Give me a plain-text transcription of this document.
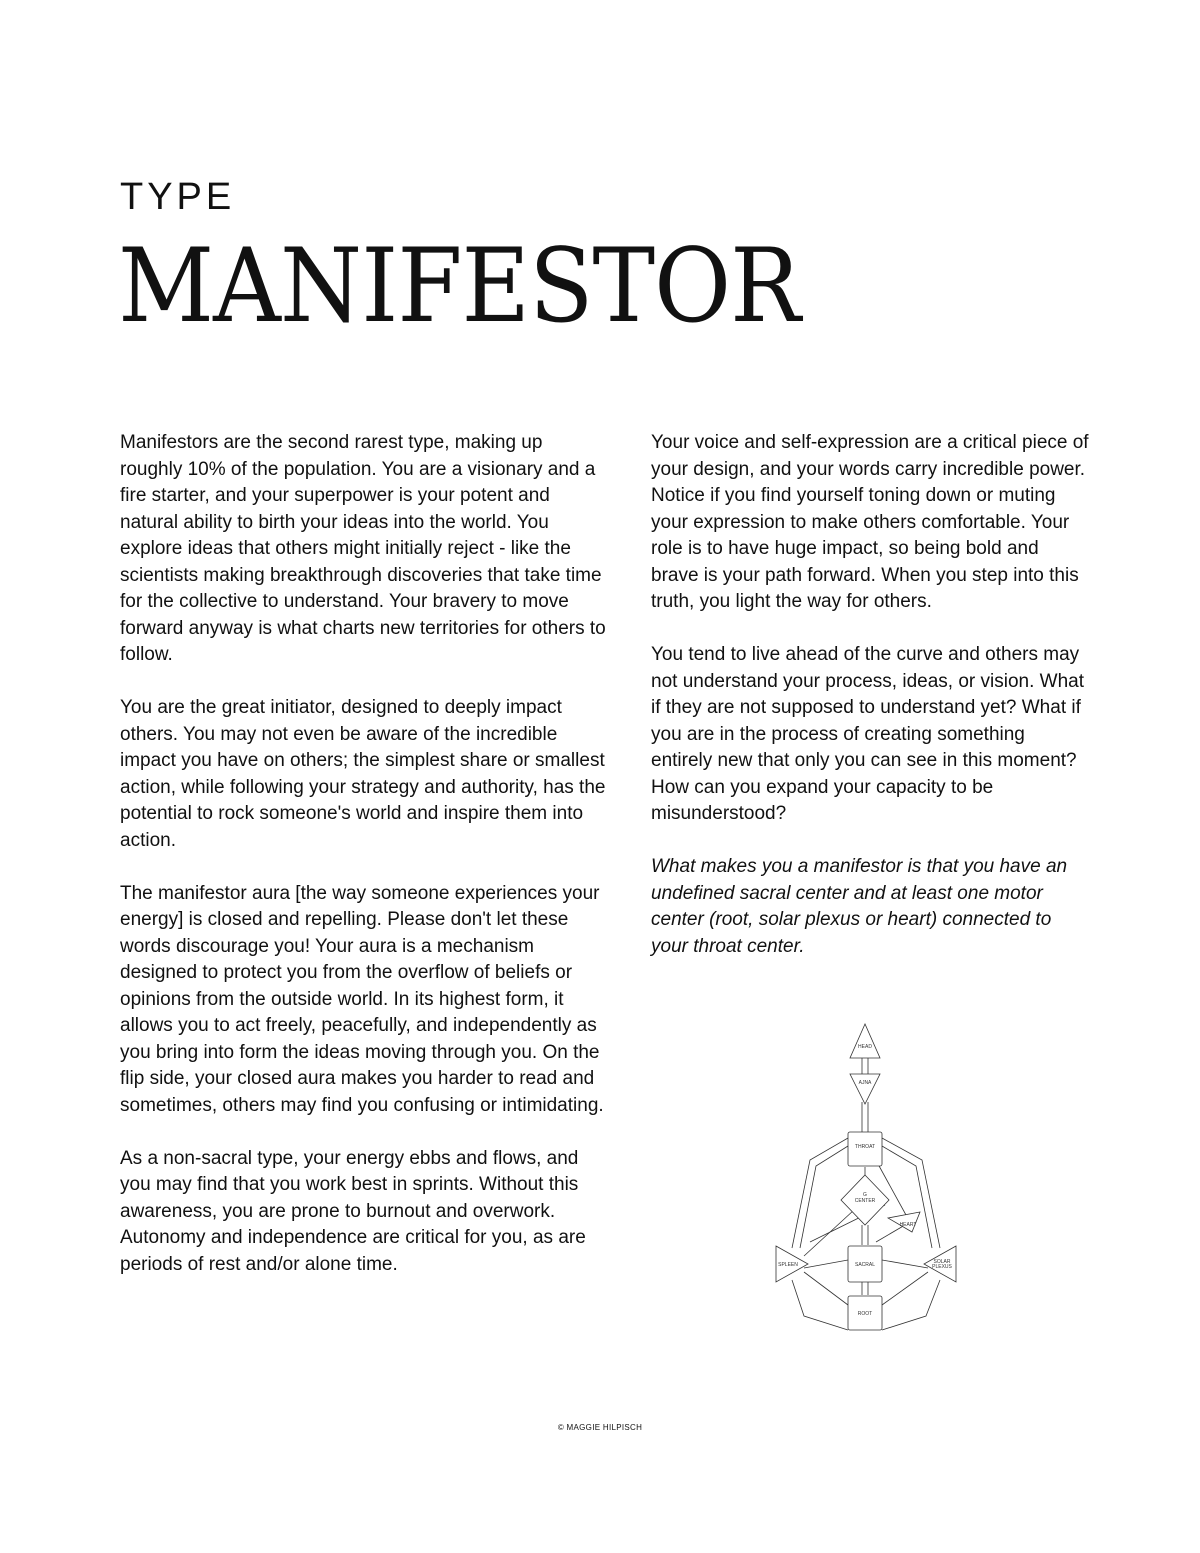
TYPE
MANIFESTOR

Manifestors are the second rarest type, making up roughly 10% of the population. You are a visionary and a fire starter, and your superpower is your potent and natural ability to birth your ideas into the world. You explore ideas that others might initially reject - like the scientists making breakthrough discoveries that take time for the collective to understand. Your bravery to move forward anyway is what charts new territories for others to follow.

You are the great initiator, designed to deeply impact others. You may not even be aware of the incredible impact you have on others; the simplest share or smallest action, while following your strategy and authority, has the potential to rock someone's world and inspire them into action.

The manifestor aura [the way someone experiences your energy] is closed and repelling. Please don't let these words discourage you! Your aura is a mechanism designed to protect you from the overflow of beliefs or opinions from the outside world. In its highest form, it allows you to act freely, peacefully, and independently as you bring into form the ideas moving through you. On the flip side, your closed aura makes you harder to read and sometimes, others may find you confusing or intimidating.

As a non-sacral type, your energy ebbs and flows, and you may find that you work best in sprints. Without this awareness, you are prone to burnout and overwork. Autonomy and independence are critical for you, as are periods of rest and/or alone time.

Your voice and self-expression are a critical piece of your design, and your words carry incredible power. Notice if you find yourself toning down or muting your expression to make others comfortable. Your role is to have huge impact, so being bold and brave is your path forward. When you step into this truth, you light the way for others.

You tend to live ahead of the curve and others may not understand your process, ideas, or vision. What if they are not supposed to understand yet? What if you are in the process of creating something entirely new that only you can see in this moment? How can you expand your capacity to be misunderstood?

What makes you a manifestor is that you have an undefined sacral center and at least one motor center (root, solar plexus or heart) connected to your throat center.

HEAD
AJNA
THROAT
G
CENTER
HEART
SPLEEN	SACRAL	SOLAR
PLEXUS
ROOT
© MAGGIE HILPISCH
